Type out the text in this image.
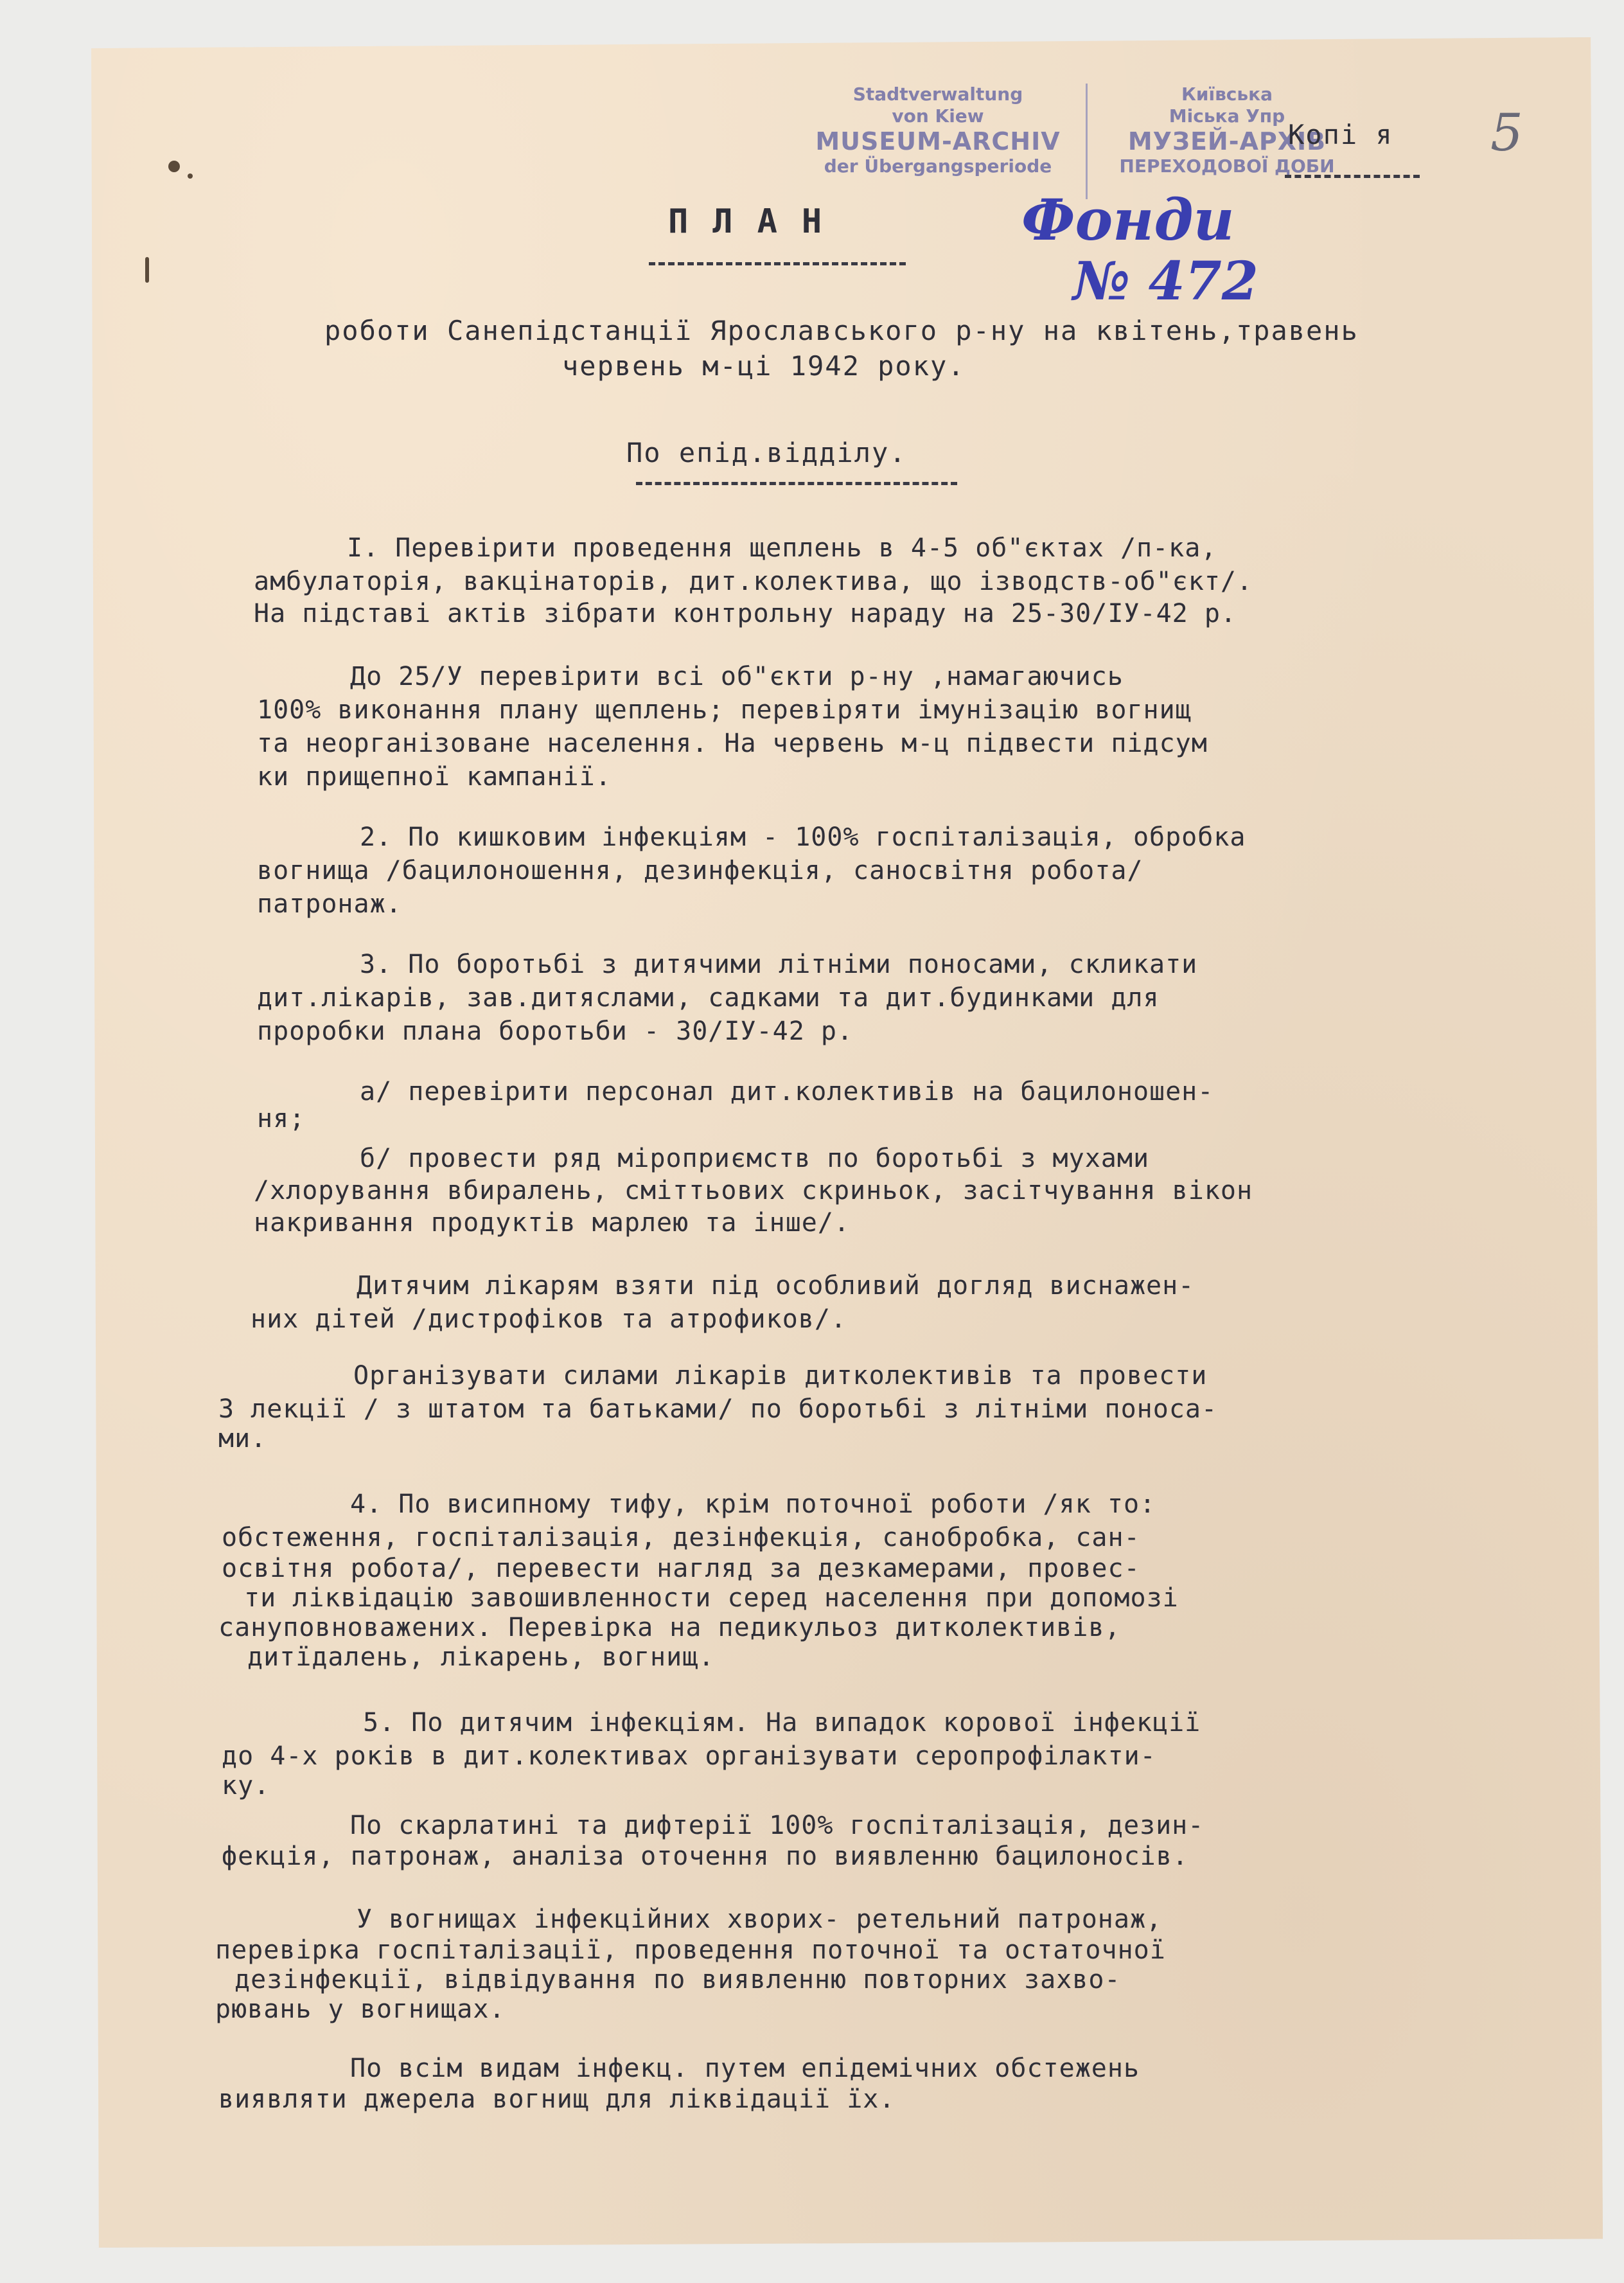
Stadtverwaltung
von Kiew
MUSEUM-ARCHIV
der Übergangsperiode
Київська
Міська Упр
МУЗЕЙ-АРХІВ
ПЕРЕХОДОВОЇ ДОБИ
5
Фонди
№ 472
Копі я
ПЛАН
роботи Санепідстанції Ярославського р-ну на квітень,травень
червень м-ці 1942 року.
По епід.відділу.
I. Перевірити проведення щеплень в 4-5 об"єктах /п-ка,
амбулаторія, вакцінаторів, дит.колектива, що ізводств-об"єкт/.
На підставі актів зібрати контрольну нараду на 25-30/IУ-42 р.
До 25/У перевірити всі об"єкти р-ну ,намагаючись
100% виконання плану щеплень; перевіряти імунізацію вогнищ
та неорганізоване населення. На червень м-ц підвести підсум
ки прищепної кампанії.
2. По кишковим інфекціям - 100% госпіталізація, обробка
вогнища /бацилоношення, дезинфекція, саносвітня робота/
патронаж.
3. По боротьбі з дитячими літніми поносами, скликати
дит.лікарів, зав.дитяслами, садками та дит.будинками для
проробки плана боротьби - 30/IУ-42 р.
а/ перевірити персонал дит.колективів на бацилоношен-
ня;
б/ провести ряд міроприємств по боротьбі з мухами
/хлорування вбиралень, сміттьових скриньок, засітчування вікон
накривання продуктів марлею та інше/.
Дитячим лікарям взяти під особливий догляд виснажен-
них дітей /дистрофіков та атрофиков/.
Організувати силами лікарів дитколективів та провести
3 лекції / з штатом та батьками/ по боротьбі з літніми поноса-
ми.
4. По висипному тифу, крім поточної роботи /як то:
обстеження, госпіталізація, дезінфекція, санобробка, сан-
освітня робота/, перевести нагляд за дезкамерами, провес-
ти ліквідацію завошивленности серед населення при допомозі
сануповноважених. Перевірка на педикульоз дитколективів,
дитїдалень, лікарень, вогнищ.
5. По дитячим інфекціям. На випадок корової інфекції
до 4-х років в дит.колективах організувати серопрофілакти-
ку.
По скарлатині та дифтерії 100% госпіталізація, дезин-
фекція, патронаж, аналіза оточення по виявленню бацилоносів.
У вогнищах інфекційних хворих- ретельний патронаж,
перевірка госпіталізації, проведення поточної та остаточної
дезінфекції, відвідування по виявленню повторних захво-
рювань у вогнищах.
По всім видам інфекц. путем епідемічних обстежень
виявляти джерела вогнищ для ліквідації їх.
